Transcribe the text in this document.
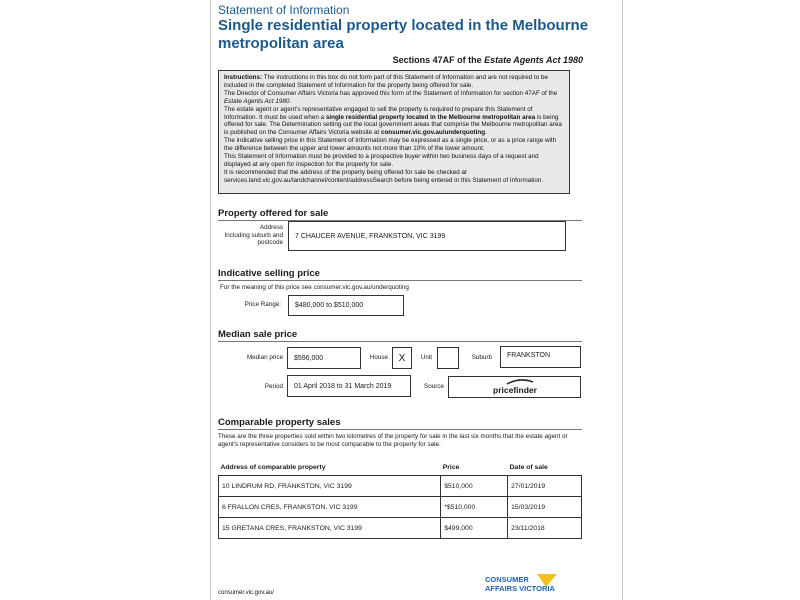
Statement of Information
Single residential property located in the Melbourne metropolitan area
Sections 47AF of the Estate Agents Act 1980

Instructions: The instructions in this box do not form part of this Statement of Information and are not required to be included in the completed Statement of Information for the property being offered for sale.

The Director of Consumer Affairs Victoria has approved this form of the Statement of Information for section 47AF of the Estate Agents Act 1980.

The estate agent or agent's representative engaged to sell the property is required to prepare this Statement of Information. It must be used when a single residential property located in the Melbourne metropolitan area is being offered for sale. The Determination setting out the local government areas that comprise the Melbourne metropolitan area is published on the Consumer Affairs Victoria website at consumer.vic.gov.au/underquoting.

The indicative selling price in this Statement of Information may be expressed as a single price, or as a price range with the difference between the upper and lower amounts not more than 10% of the lower amount.

This Statement of Information must be provided to a prospective buyer within two business days of a request and displayed at any open for inspection for the property for sale.

It is recommended that the address of the property being offered for sale be checked at services.land.vic.gov.au/landchannel/content/addressSearch before being entered in this Statement of Information.

Property offered for sale
Address
Including suburb and postcode
7 CHAUCER AVENUE, FRANKSTON, VIC 3199
Indicative selling price
For the meaning of this price see consumer.vic.gov.au/underquoting
Price Range:	$480,000 to $510,000
Median sale price
Median price	$596,000	House	X	Unit	Suburb	FRANKSTON
Period	01 April 2018 to 31 March 2019	Source	pricefinder
Comparable property sales
These are the three properties sold within two kilometres of the property for sale in the last six months that the estate agent or agent's representative considers to be most comparable to the property for sale.
Address of comparable property	Price	Date of sale
10 LINDRUM RD, FRANKSTON, VIC 3199	$510,000	27/01/2019
6 FRALLON CRES, FRANKSTON, VIC 3199	*$510,000	15/03/2019
15 GRETANA CRES, FRANKSTON, VIC 3199	$499,000	23/11/2018
consumer.vic.gov.au/
CONSUMER
AFFAIRS VICTORIA
